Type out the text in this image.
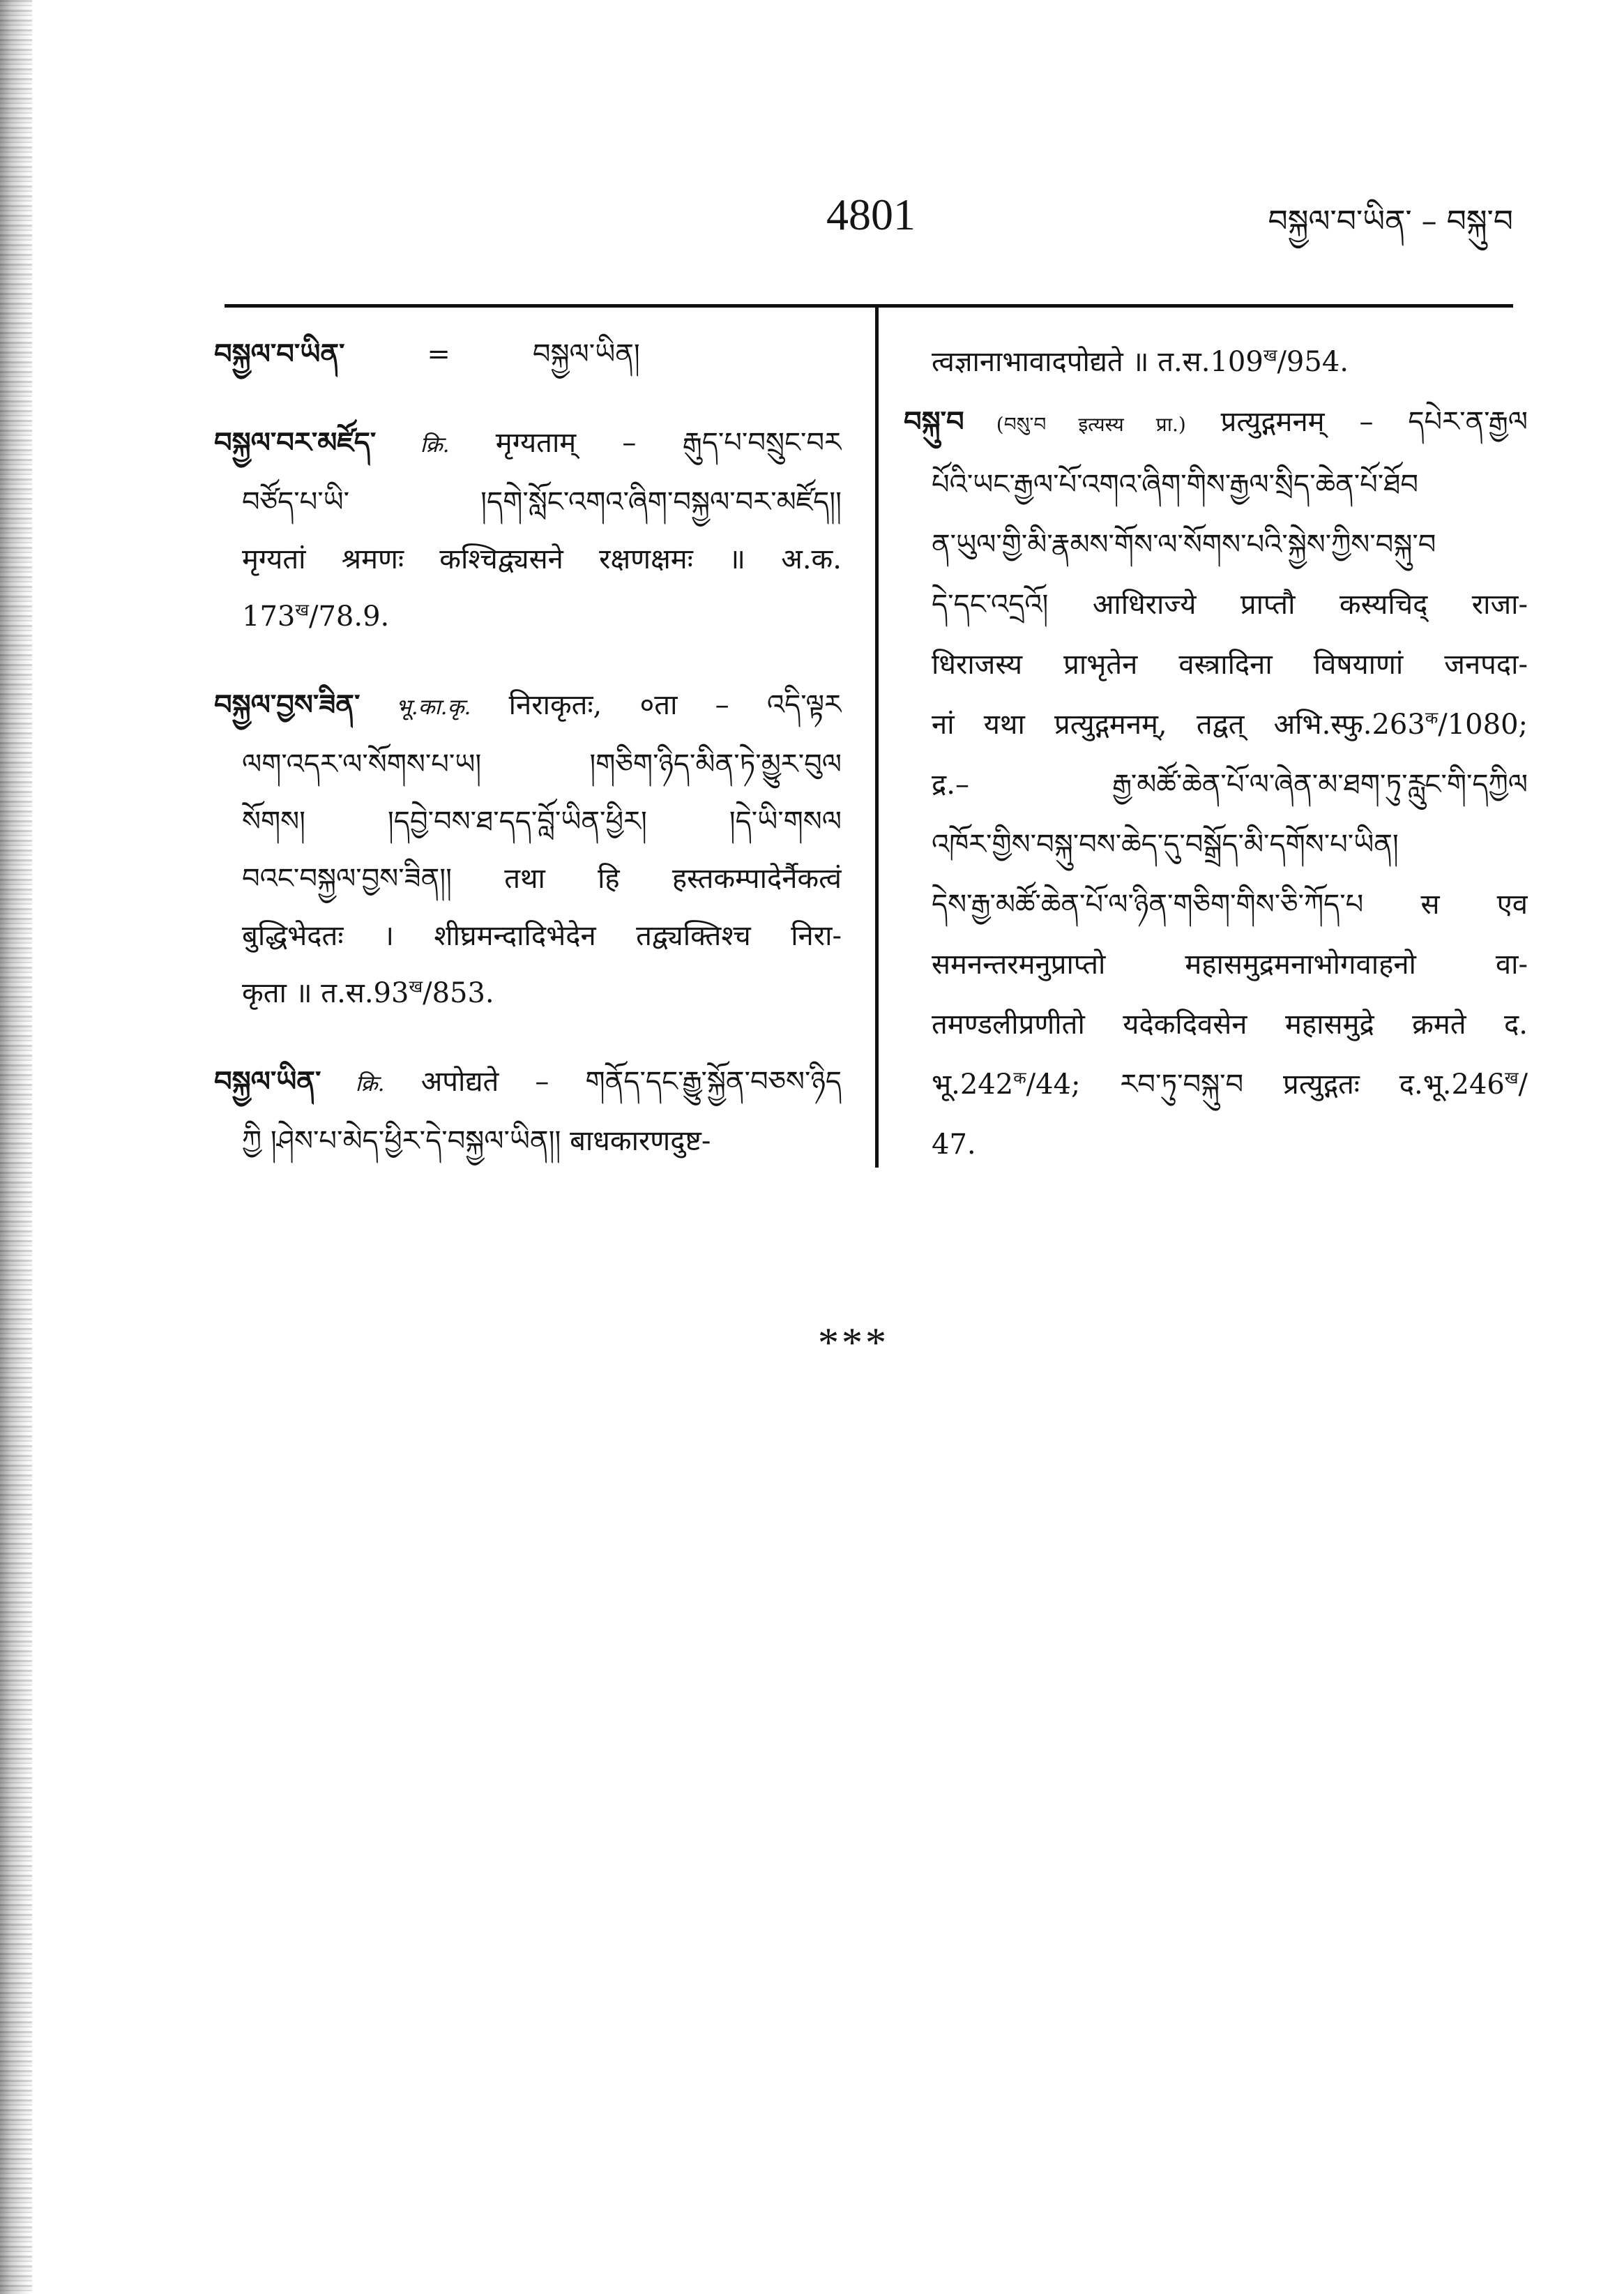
4801	བསྐྱལ་བ་ཡིན་ – བསྐུ་བ
བསྐྱལ་བ་ཡིན་	=	བསྐྱལ་ཡིན།
བསྐྱལ་བར་མཛོད་ क्रि. मृग्यताम् – རྒུད་པ་བསྲུང་བར
བཙོད་པ་ཡི་ །དགེ་སློང་འགའ་ཞིག་བསྐྱལ་བར་མཛོད།།
मृग्यतां श्रमणः कश्चिद्व्यसने रक्षणक्षमः ॥ अ.क.
$173^ख/78.9$.
བསྐྱལ་བྱས་ཟིན་ भू.का.कृ. निराकृतः, ०ता – འདི་ལྟར
ལག་འདར་ལ་སོགས་པ་ཡ། །གཅིག་ཉིད་མིན་ཏེ་མྱུར་བུལ
སོགས། །དབྱེ་བས་ཐ་དད་བློ་ཡིན་ཕྱིར། །དེ་ཡི་གསལ
བའང་བསྐྱལ་བྱས་ཟིན།། तथा हि हस्तकम्पादेर्नैकत्वं
बुद्धिभेदतः । शीघ्रमन्दादिभेदेन तद्व्यक्तिश्च निरा-
कृता ॥ $त.स.93^ख/853$.
བསྐྱལ་ཡིན་ क्रि. अपोद्यते – གནོད་དང་རྒྱུ་སྐྱོན་བཅས་ཉིད
ཀྱི །ཤེས་པ་མེད་ཕྱིར་དེ་བསྐྱལ་ཡིན།། बाधकारणदुष्ट-
त्वज्ञानाभावादपोद्यते ॥ $त.स.109^ख/954$.
བསྐུ་བ (བསུ་བ इत्यस्य प्रा.) प्रत्युद्गमनम् – དཔེར་ན་རྒྱལ
པོའི་ཡང་རྒྱལ་པོ་འགའ་ཞིག་གིས་རྒྱལ་སྲིད་ཆེན་པོ་ཐོབ
ན་ཡུལ་གྱི་མི་རྣམས་གོས་ལ་སོགས་པའི་སྐྱེས་ཀྱིས་བསྐུ་བ
དེ་དང་འདྲའོ། आधिराज्ये प्राप्तौ कस्यचिद् राजा-
धिराजस्य प्राभृतेन वस्त्रादिना विषयाणां जनपदा-
नां यथा प्रत्युद्गमनम्, तद्वत् $अभि.स्फु.263^क/1080$;
द्र.– རྒྱ་མཚོ་ཆེན་པོ་ལ་ཞེན་མ་ཐག་ཏུ་རླུང་གི་དཀྱིལ
འཁོར་གྱིས་བསྐུ་བས་ཆེད་དུ་བསྒྲོད་མི་དགོས་པ་ཡིན།
དེས་རྒྱ་མཚོ་ཆེན་པོ་ལ་ཉིན་གཅིག་གིས་ཅི་ཀོད་པ स एव
समनन्तरमनुप्राप्तो महासमुद्रमनाभोगवाहनो वा-
तमण्डलीप्रणीतो यदेकदिवसेन महासमुद्रे क्रमते द.
$भू.242^क/44$; རབ་ཏུ་བསྐུ་བ प्रत्युद्गतः $द.भू.246^ख/$
47.
***
